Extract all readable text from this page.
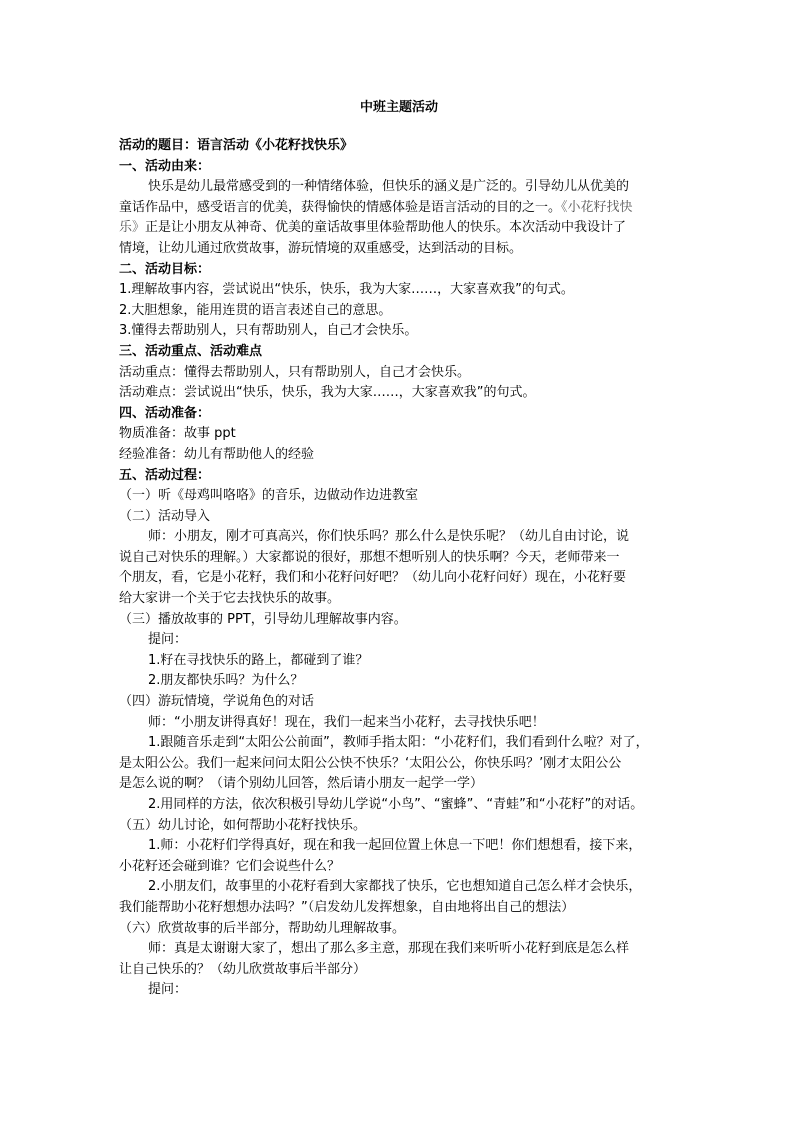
中班主题活动
活动的题目：语言活动《小花籽找快乐》
一、活动由来：
快乐是幼儿最常感受到的一种情绪体验，但快乐的涵义是广泛的。引导幼儿从优美的
童话作品中，感受语言的优美，获得愉快的情感体验是语言活动的目的之一。《小花籽找快
乐》正是让小朋友从神奇、优美的童话故事里体验帮助他人的快乐。本次活动中我设计了
情境，让幼儿通过欣赏故事，游玩情境的双重感受，达到活动的目标。
二、活动目标：
1.理解故事内容，尝试说出“快乐，快乐，我为大家……，大家喜欢我”的句式。
2.大胆想象，能用连贯的语言表述自己的意思。
3.懂得去帮助别人，只有帮助别人，自己才会快乐。
三、活动重点、活动难点
活动重点：懂得去帮助别人，只有帮助别人，自己才会快乐。
活动难点：尝试说出“快乐，快乐，我为大家……，大家喜欢我”的句式。
四、活动准备：
物质准备：故事 ppt
经验准备：幼儿有帮助他人的经验
五、活动过程：
（一）听《母鸡叫咯咯》的音乐，边做动作边进教室
（二）活动导入
师：小朋友，刚才可真高兴，你们快乐吗？那么什么是快乐呢？（幼儿自由讨论，说
说自己对快乐的理解。）大家都说的很好，那想不想听别人的快乐啊？今天，老师带来一
个朋友，看，它是小花籽，我们和小花籽问好吧？（幼儿向小花籽问好）现在，小花籽要
给大家讲一个关于它去找快乐的故事。
（三）播放故事的 PPT，引导幼儿理解故事内容。
提问：
1.籽在寻找快乐的路上，都碰到了谁？
2.朋友都快乐吗？为什么？
（四）游玩情境，学说角色的对话
师：“小朋友讲得真好！现在，我们一起来当小花籽，去寻找快乐吧！
1.跟随音乐走到“太阳公公前面”，教师手指太阳：“小花籽们，我们看到什么啦？对了，
是太阳公公。我们一起来问问太阳公公快不快乐？‘太阳公公，你快乐吗？’刚才太阳公公
是怎么说的啊？（请个别幼儿回答，然后请小朋友一起学一学）
2.用同样的方法，依次积极引导幼儿学说“小鸟”、“蜜蜂”、“青蛙”和“小花籽”的对话。
（五）幼儿讨论，如何帮助小花籽找快乐。
1.师：小花籽们学得真好，现在和我一起回位置上休息一下吧！你们想想看，接下来，
小花籽还会碰到谁？它们会说些什么？
2.小朋友们，故事里的小花籽看到大家都找了快乐，它也想知道自己怎么样才会快乐，
我们能帮助小花籽想想办法吗？”（启发幼儿发挥想象，自由地将出自己的想法）
（六）欣赏故事的后半部分，帮助幼儿理解故事。
师：真是太谢谢大家了，想出了那么多主意，那现在我们来听听小花籽到底是怎么样
让自己快乐的？（幼儿欣赏故事后半部分）
提问：
